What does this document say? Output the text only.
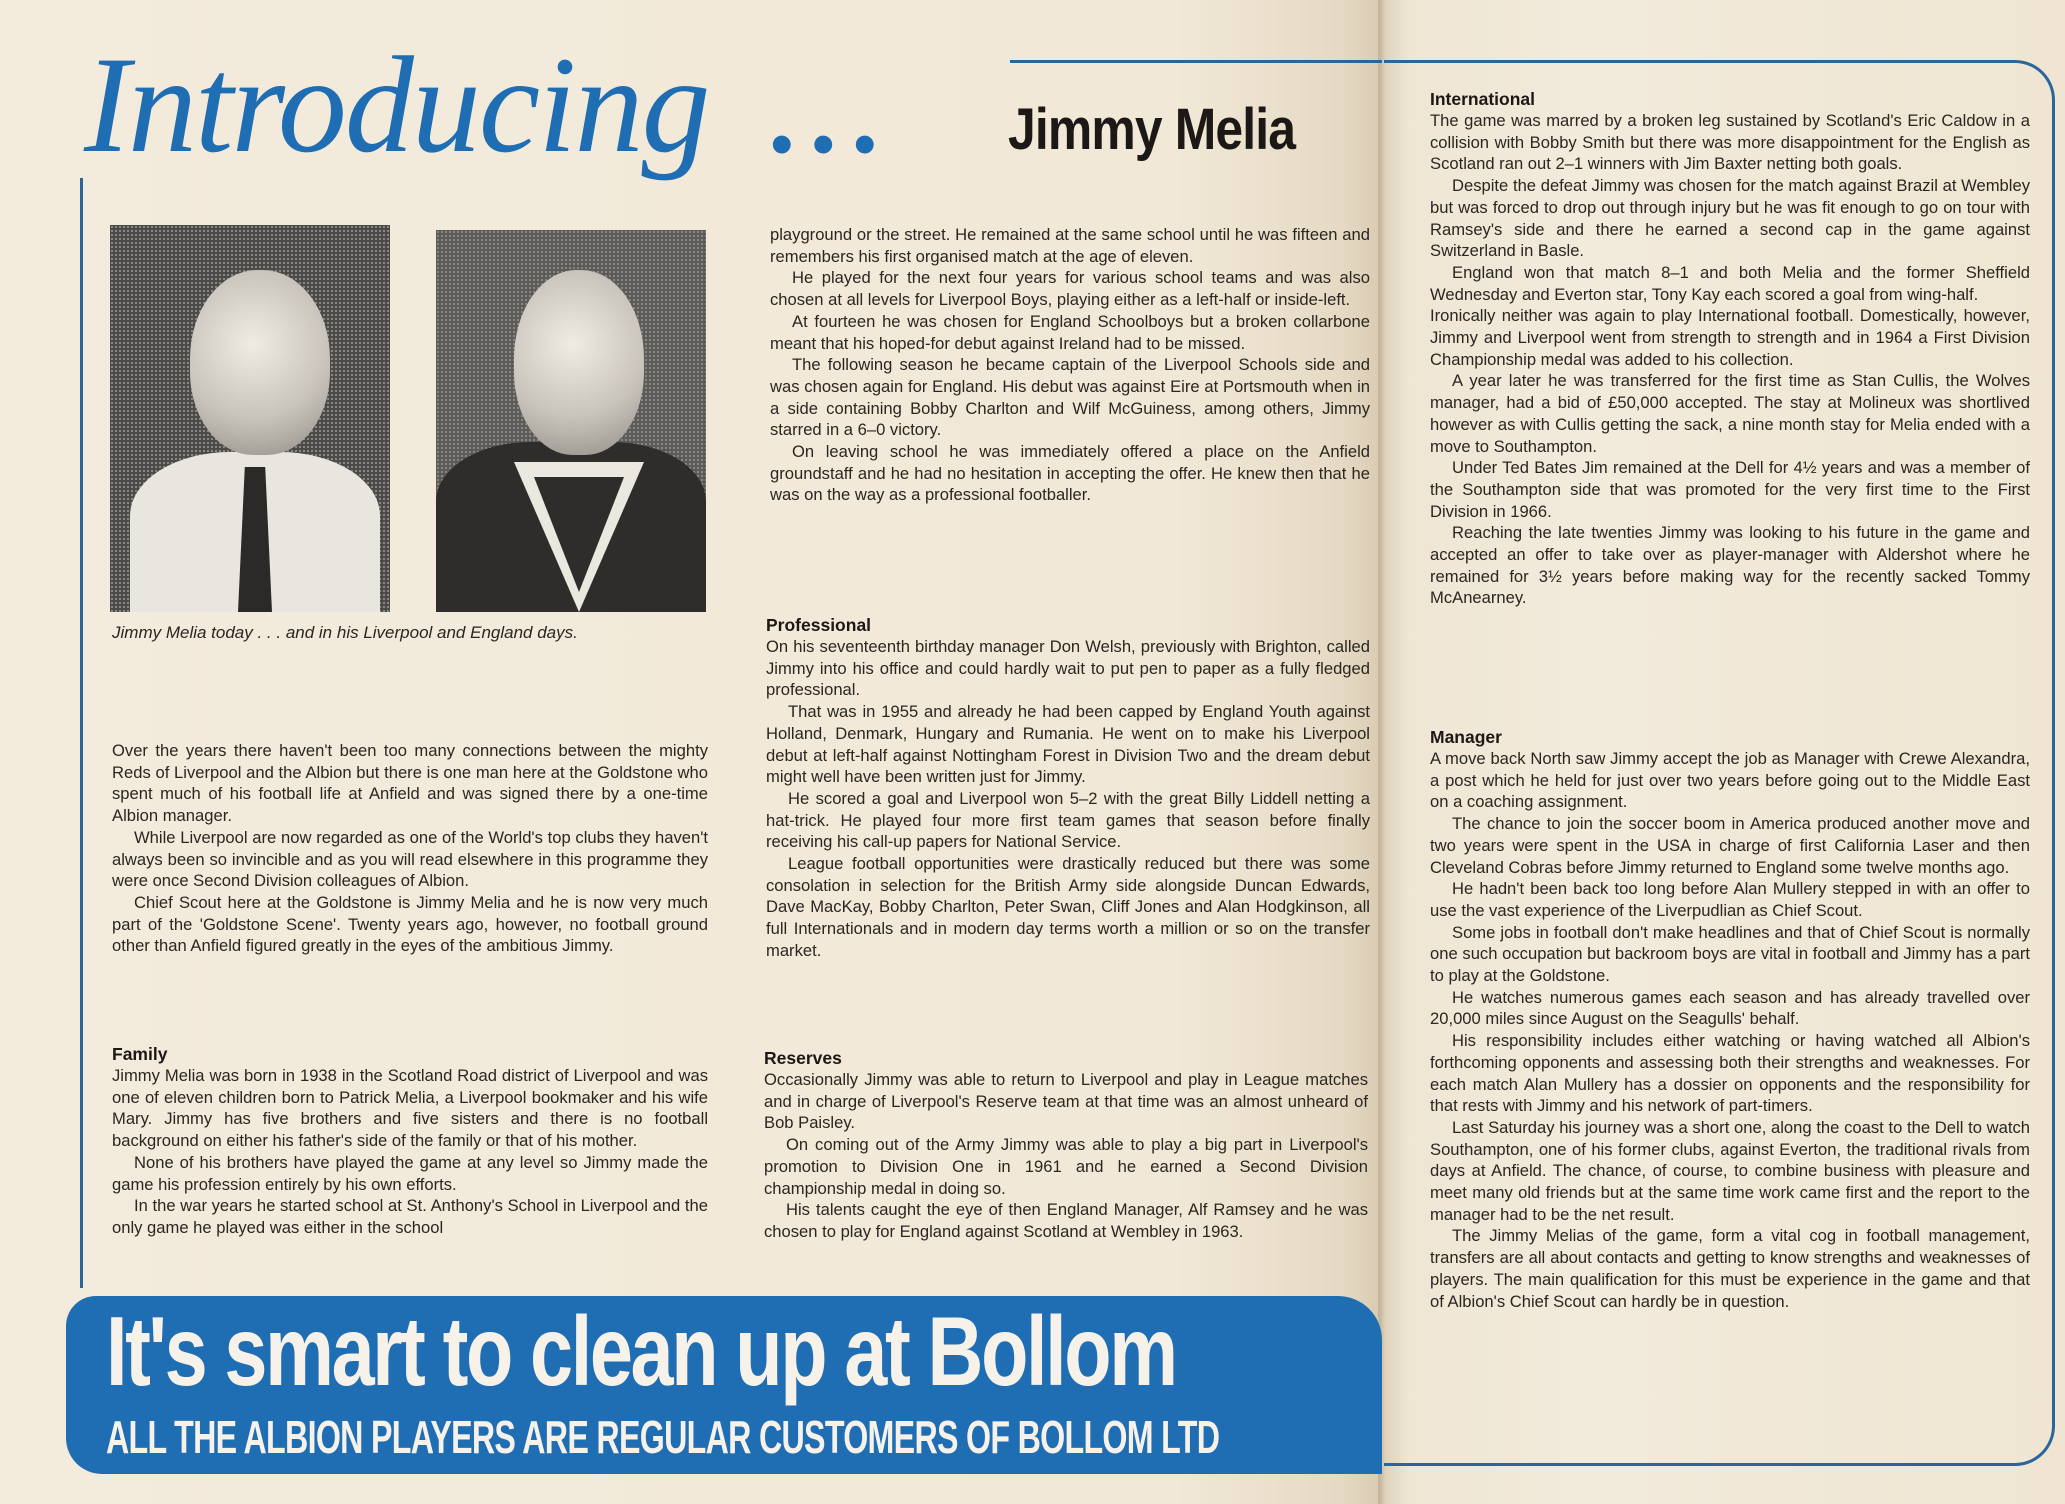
Introducing ... Jimmy Melia
Jimmy Melia today . . . and in his Liverpool and England days.

Over the years there haven't been too many connections between the mighty Reds of Liverpool and the Albion but there is one man here at the Goldstone who spent much of his football life at Anfield and was signed there by a one-time Albion manager.

While Liverpool are now regarded as one of the World's top clubs they haven't always been so invincible and as you will read elsewhere in this programme they were once Second Division colleagues of Albion.

Chief Scout here at the Goldstone is Jimmy Melia and he is now very much part of the 'Goldstone Scene'. Twenty years ago, however, no football ground other than Anfield figured greatly in the eyes of the ambitious Jimmy.

Family

Jimmy Melia was born in 1938 in the Scotland Road district of Liverpool and was one of eleven children born to Patrick Melia, a Liverpool bookmaker and his wife Mary. Jimmy has five brothers and five sisters and there is no football background on either his father's side of the family or that of his mother.

None of his brothers have played the game at any level so Jimmy made the game his profession entirely by his own efforts.

In the war years he started school at St. Anthony's School in Liverpool and the only game he played was either in the school

playground or the street. He remained at the same school until he was fifteen and remembers his first organised match at the age of eleven.

He played for the next four years for various school teams and was also chosen at all levels for Liverpool Boys, playing either as a left-half or inside-left.

At fourteen he was chosen for England Schoolboys but a broken collarbone meant that his hoped-for debut against Ireland had to be missed.

The following season he became captain of the Liverpool Schools side and was chosen again for England. His debut was against Eire at Portsmouth when in a side containing Bobby Charlton and Wilf McGuiness, among others, Jimmy starred in a 6–0 victory.

On leaving school he was immediately offered a place on the Anfield groundstaff and he had no hesitation in accepting the offer. He knew then that he was on the way as a professional footballer.

Professional

On his seventeenth birthday manager Don Welsh, previously with Brighton, called Jimmy into his office and could hardly wait to put pen to paper as a fully fledged professional.

That was in 1955 and already he had been capped by England Youth against Holland, Denmark, Hungary and Rumania. He went on to make his Liverpool debut at left-half against Nottingham Forest in Division Two and the dream debut might well have been written just for Jimmy.

He scored a goal and Liverpool won 5–2 with the great Billy Liddell netting a hat-trick. He played four more first team games that season before finally receiving his call-up papers for National Service.

League football opportunities were drastically reduced but there was some consolation in selection for the British Army side alongside Duncan Edwards, Dave MacKay, Bobby Charlton, Peter Swan, Cliff Jones and Alan Hodgkinson, all full Internationals and in modern day terms worth a million or so on the transfer market.

Reserves

Occasionally Jimmy was able to return to Liverpool and play in League matches and in charge of Liverpool's Reserve team at that time was an almost unheard of Bob Paisley.

On coming out of the Army Jimmy was able to play a big part in Liverpool's promotion to Division One in 1961 and he earned a Second Division championship medal in doing so.

His talents caught the eye of then England Manager, Alf Ramsey and he was chosen to play for England against Scotland at Wembley in 1963.

International

The game was marred by a broken leg sustained by Scotland's Eric Caldow in a collision with Bobby Smith but there was more disappointment for the English as Scotland ran out 2–1 winners with Jim Baxter netting both goals.

Despite the defeat Jimmy was chosen for the match against Brazil at Wembley but was forced to drop out through injury but he was fit enough to go on tour with Ramsey's side and there he earned a second cap in the game against Switzerland in Basle.

England won that match 8–1 and both Melia and the former Sheffield Wednesday and Everton star, Tony Kay each scored a goal from wing-half.

Ironically neither was again to play International football. Domestically, however, Jimmy and Liverpool went from strength to strength and in 1964 a First Division Championship medal was added to his collection.

A year later he was transferred for the first time as Stan Cullis, the Wolves manager, had a bid of £50,000 accepted. The stay at Molineux was shortlived however as with Cullis getting the sack, a nine month stay for Melia ended with a move to Southampton.

Under Ted Bates Jim remained at the Dell for 4½ years and was a member of the Southampton side that was promoted for the very first time to the First Division in 1966.

Reaching the late twenties Jimmy was looking to his future in the game and accepted an offer to take over as player-manager with Aldershot where he remained for 3½ years before making way for the recently sacked Tommy McAnearney.

Manager

A move back North saw Jimmy accept the job as Manager with Crewe Alexandra, a post which he held for just over two years before going out to the Middle East on a coaching assignment.

The chance to join the soccer boom in America produced another move and two years were spent in the USA in charge of first California Laser and then Cleveland Cobras before Jimmy returned to England some twelve months ago.

He hadn't been back too long before Alan Mullery stepped in with an offer to use the vast experience of the Liverpudlian as Chief Scout.

Some jobs in football don't make headlines and that of Chief Scout is normally one such occupation but backroom boys are vital in football and Jimmy has a part to play at the Goldstone.

He watches numerous games each season and has already travelled over 20,000 miles since August on the Seagulls' behalf.

His responsibility includes either watching or having watched all Albion's forthcoming opponents and assessing both their strengths and weaknesses. For each match Alan Mullery has a dossier on opponents and the responsibility for that rests with Jimmy and his network of part-timers.

Last Saturday his journey was a short one, along the coast to the Dell to watch Southampton, one of his former clubs, against Everton, the traditional rivals from days at Anfield. The chance, of course, to combine business with pleasure and meet many old friends but at the same time work came first and the report to the manager had to be the net result.

The Jimmy Melias of the game, form a vital cog in football management, transfers are all about contacts and getting to know strengths and weaknesses of players. The main qualification for this must be experience in the game and that of Albion's Chief Scout can hardly be in question.

It's smart to clean up at Bollom
ALL THE ALBION PLAYERS ARE REGULAR CUSTOMERS OF BOLLOM LTD
